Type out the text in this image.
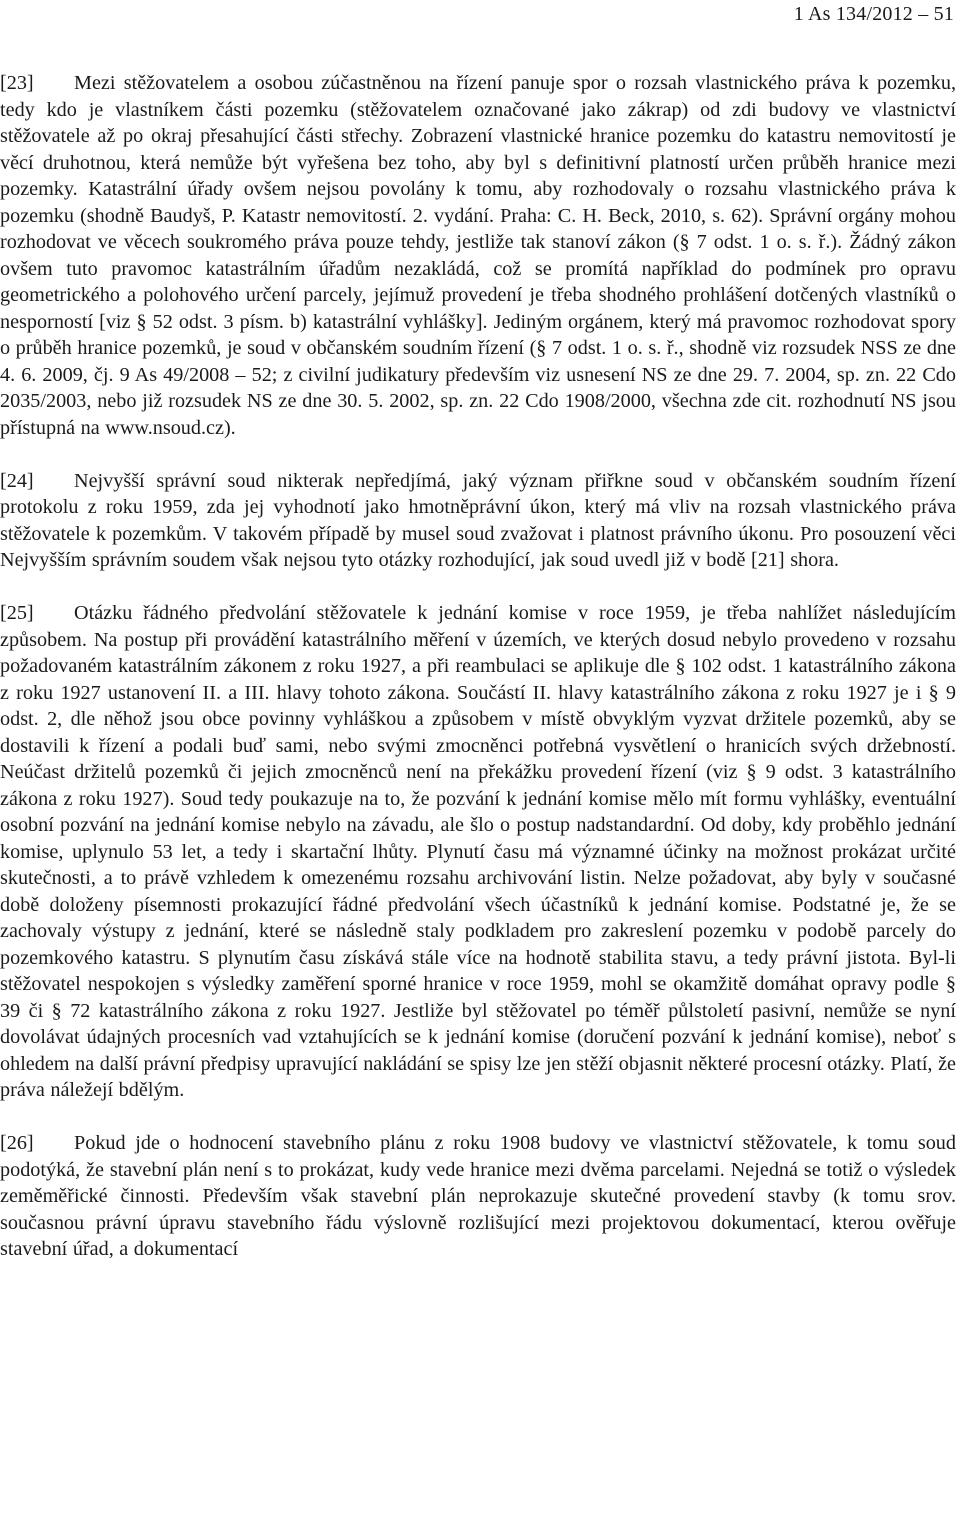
1 As 134/2012 – 51

[23] Mezi stěžovatelem a osobou zúčastněnou na řízení panuje spor o rozsah vlastnického práva k pozemku, tedy kdo je vlastníkem části pozemku (stěžovatelem označované jako zákrap) od zdi budovy ve vlastnictví stěžovatele až po okraj přesahující části střechy. Zobrazení vlastnické hranice pozemku do katastru nemovitostí je věcí druhotnou, která nemůže být vyřešena bez toho, aby byl s definitivní platností určen průběh hranice mezi pozemky. Katastrální úřady ovšem nejsou povolány k tomu, aby rozhodovaly o rozsahu vlastnického práva k pozemku (shodně Baudyš, P. Katastr nemovitostí. 2. vydání. Praha: C. H. Beck, 2010, s. 62). Správní orgány mohou rozhodovat ve věcech soukromého práva pouze tehdy, jestliže tak stanoví zákon (§ 7 odst. 1 o. s. ř.). Žádný zákon ovšem tuto pravomoc katastrálním úřadům nezakládá, což se promítá například do podmínek pro opravu geometrického a polohového určení parcely, jejímuž provedení je třeba shodného prohlášení dotčených vlastníků o nesporností [viz § 52 odst. 3 písm. b) katastrální vyhlášky]. Jediným orgánem, který má pravomoc rozhodovat spory o průběh hranice pozemků, je soud v občanském soudním řízení (§ 7 odst. 1 o. s. ř., shodně viz rozsudek NSS ze dne 4. 6. 2009, čj. 9 As 49/2008 – 52; z civilní judikatury především viz usnesení NS ze dne 29. 7. 2004, sp. zn. 22 Cdo 2035/2003, nebo již rozsudek NS ze dne 30. 5. 2002, sp. zn. 22 Cdo 1908/2000, všechna zde cit. rozhodnutí NS jsou přístupná na www.nsoud.cz).

[24] Nejvyšší správní soud nikterak nepředjímá, jaký význam přiřkne soud v občanském soudním řízení protokolu z roku 1959, zda jej vyhodnotí jako hmotněprávní úkon, který má vliv na rozsah vlastnického práva stěžovatele k pozemkům. V takovém případě by musel soud zvažovat i platnost právního úkonu. Pro posouzení věci Nejvyšším správním soudem však nejsou tyto otázky rozhodující, jak soud uvedl již v bodě [21] shora.

[25] Otázku řádného předvolání stěžovatele k jednání komise v roce 1959, je třeba nahlížet následujícím způsobem. Na postup při provádění katastrálního měření v územích, ve kterých dosud nebylo provedeno v rozsahu požadovaném katastrálním zákonem z roku 1927, a při reambulaci se aplikuje dle § 102 odst. 1 katastrálního zákona z roku 1927 ustanovení II. a III. hlavy tohoto zákona. Součástí II. hlavy katastrálního zákona z roku 1927 je i § 9 odst. 2, dle něhož jsou obce povinny vyhláškou a způsobem v místě obvyklým vyzvat držitele pozemků, aby se dostavili k řízení a podali buď sami, nebo svými zmocněnci potřebná vysvětlení o hranicích svých držebností. Neúčast držitelů pozemků či jejich zmocněnců není na překážku provedení řízení (viz § 9 odst. 3 katastrálního zákona z roku 1927). Soud tedy poukazuje na to, že pozvání k jednání komise mělo mít formu vyhlášky, eventuální osobní pozvání na jednání komise nebylo na závadu, ale šlo o postup nadstandardní. Od doby, kdy proběhlo jednání komise, uplynulo 53 let, a tedy i skartační lhůty. Plynutí času má významné účinky na možnost prokázat určité skutečnosti, a to právě vzhledem k omezenému rozsahu archivování listin. Nelze požadovat, aby byly v současné době doloženy písemnosti prokazující řádné předvolání všech účastníků k jednání komise. Podstatné je, že se zachovaly výstupy z jednání, které se následně staly podkladem pro zakreslení pozemku v podobě parcely do pozemkového katastru. S plynutím času získává stále více na hodnotě stabilita stavu, a tedy právní jistota. Byl-li stěžovatel nespokojen s výsledky zaměření sporné hranice v roce 1959, mohl se okamžitě domáhat opravy podle § 39 či § 72 katastrálního zákona z roku 1927. Jestliže byl stěžovatel po téměř půlstoletí pasivní, nemůže se nyní dovolávat údajných procesních vad vztahujících se k jednání komise (doručení pozvání k jednání komise), neboť s ohledem na další právní předpisy upravující nakládání se spisy lze jen stěží objasnit některé procesní otázky. Platí, že práva náležejí bdělým.

[26] Pokud jde o hodnocení stavebního plánu z roku 1908 budovy ve vlastnictví stěžovatele, k tomu soud podotýká, že stavební plán není s to prokázat, kudy vede hranice mezi dvěma parcelami. Nejedná se totiž o výsledek zeměměřické činnosti. Především však stavební plán neprokazuje skutečné provedení stavby (k tomu srov. současnou právní úpravu stavebního řádu výslovně rozlišující mezi projektovou dokumentací, kterou ověřuje stavební úřad, a dokumentací
